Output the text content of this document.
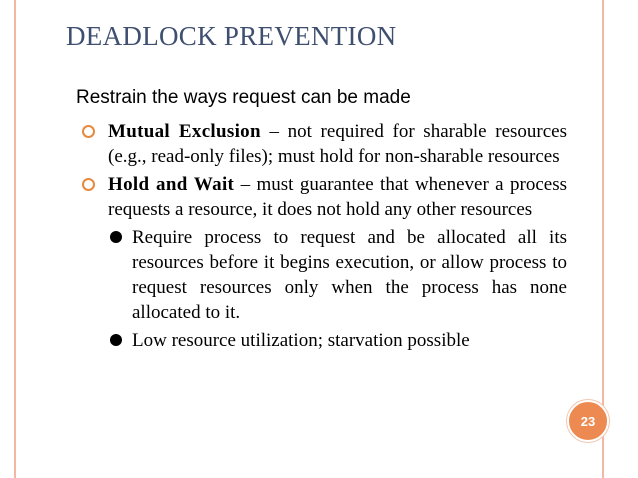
DEADLOCK PREVENTION
Restrain the ways request can be made
Mutual Exclusion – not required for sharable resources (e.g., read-only files); must hold for non-sharable resources
Hold and Wait – must guarantee that whenever a process requests a resource, it does not hold any other resources
Require process to request and be allocated all its resources before it begins execution, or allow process to request resources only when the process has none allocated to it.
Low resource utilization; starvation possible
23
